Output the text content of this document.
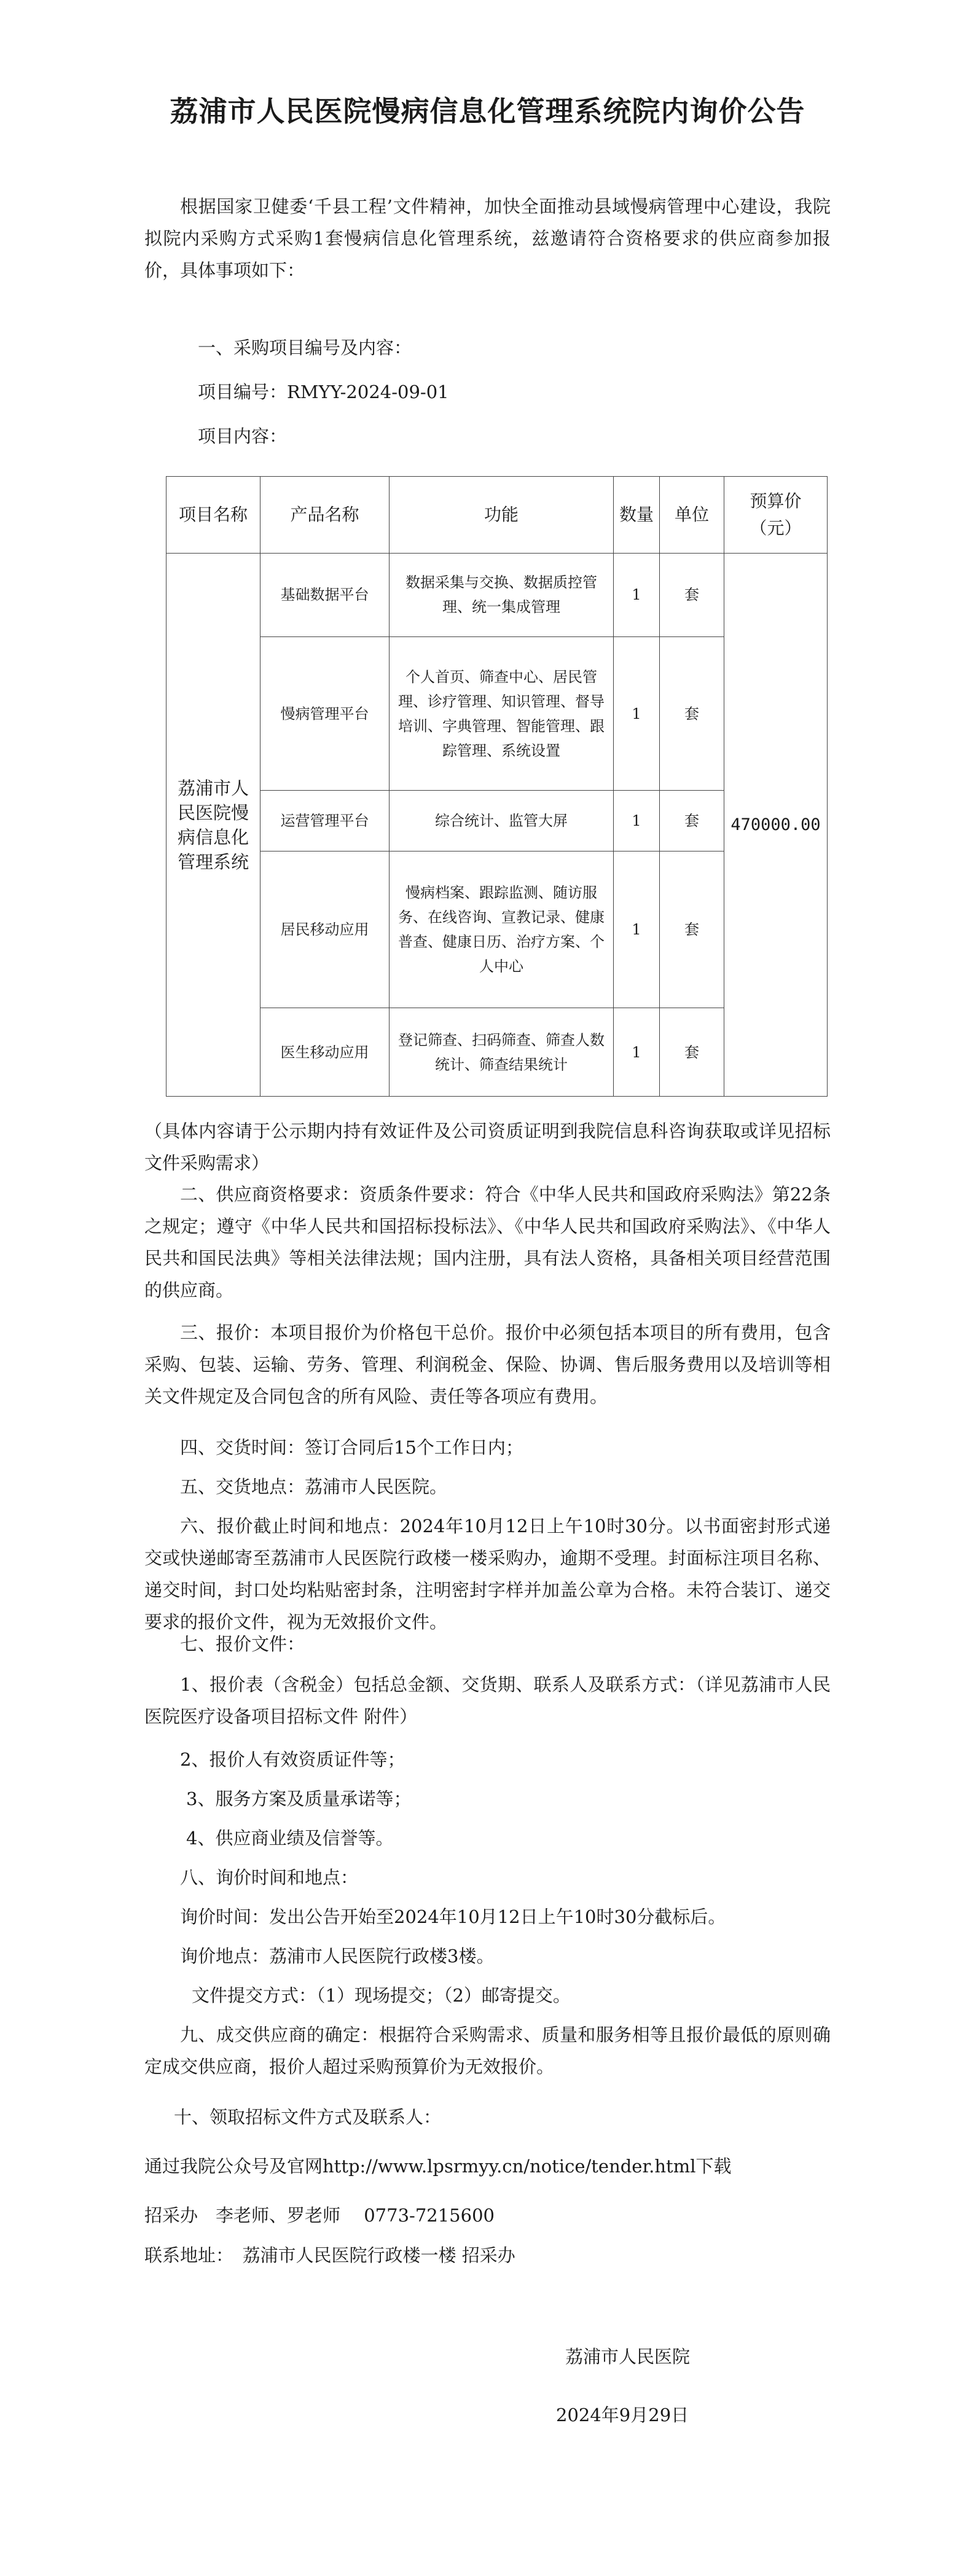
荔浦市人民医院慢病信息化管理系统院内询价公告

根据国家卫健委‘千县工程’文件精神，加快全面推动县域慢病管理中心建设，我院拟院内采购方式采购1套慢病信息化管理系统，兹邀请符合资格要求的供应商参加报价，具体事项如下：

一、采购项目编号及内容：

项目编号：RMYY-2024-09-01

项目内容：

项目名称	产品名称	功能	数量	单位	预算价（元）
荔浦市人民医院慢病信息化管理系统	基础数据平台	数据采集与交换、数据质控管理、统一集成管理	1	套	470000.00
	慢病管理平台	个人首页、筛查中心、居民管理、诊疗管理、知识管理、督导培训、字典管理、智能管理、跟踪管理、系统设置	1	套	
	运营管理平台	综合统计、监管大屏	1	套	
	居民移动应用	慢病档案、跟踪监测、随访服务、在线咨询、宣教记录、健康普查、健康日历、治疗方案、个人中心	1	套	
	医生移动应用	登记筛查、扫码筛查、筛查人数统计、筛查结果统计	1	套	

（具体内容请于公示期内持有效证件及公司资质证明到我院信息科咨询获取或详见招标文件采购需求）

二、供应商资格要求：资质条件要求：符合《中华人民共和国政府采购法》第22条之规定；遵守《中华人民共和国招标投标法》、《中华人民共和国政府采购法》、《中华人民共和国民法典》等相关法律法规；国内注册，具有法人资格，具备相关项目经营范围的供应商。

三、报价：本项目报价为价格包干总价。报价中必须包括本项目的所有费用，包含采购、包装、运输、劳务、管理、利润税金、保险、协调、售后服务费用以及培训等相关文件规定及合同包含的所有风险、责任等各项应有费用。

四、交货时间：签订合同后15个工作日内；

五、交货地点：荔浦市人民医院。

六、报价截止时间和地点：2024年10月12日上午10时30分。以书面密封形式递交或快递邮寄至荔浦市人民医院行政楼一楼采购办，逾期不受理。封面标注项目名称、递交时间，封口处均粘贴密封条，注明密封字样并加盖公章为合格。未符合装订、递交要求的报价文件，视为无效报价文件。

七、报价文件：

1、报价表（含税金）包括总金额、交货期、联系人及联系方式：（详见荔浦市人民医院医疗设备项目招标文件 附件）

2、报价人有效资质证件等；

3、服务方案及质量承诺等；

4、供应商业绩及信誉等。

八、询价时间和地点：

询价时间：发出公告开始至2024年10月12日上午10时30分截标后。

询价地点：荔浦市人民医院行政楼3楼。

文件提交方式：（1）现场提交；（2）邮寄提交。

九、成交供应商的确定：根据符合采购需求、质量和服务相等且报价最低的原则确定成交供应商，报价人超过采购预算价为无效报价。

十、领取招标文件方式及联系人：

通过我院公众号及官网http://www.lpsrmyy.cn/notice/tender.html下载

招采办　李老师、罗老师　 0773-7215600

联系地址：　荔浦市人民医院行政楼一楼 招采办

荔浦市人民医院

2024年9月29日
